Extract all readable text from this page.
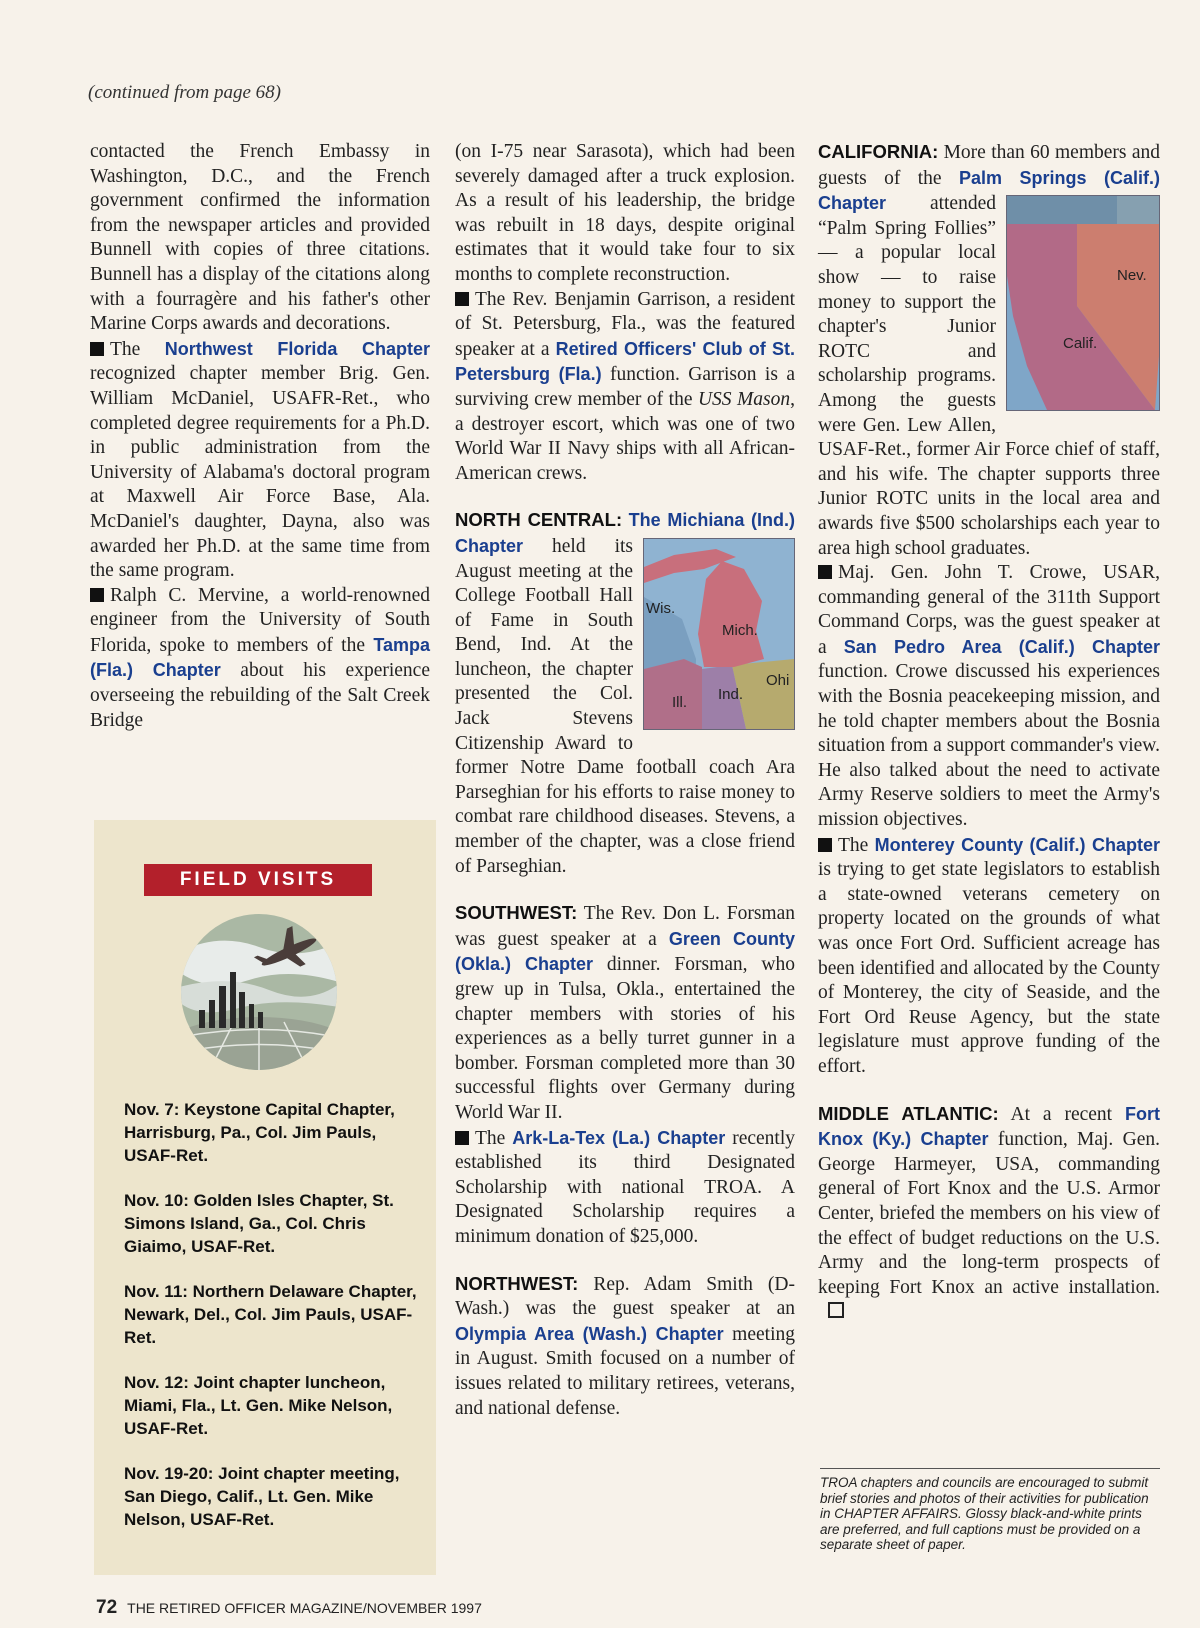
(continued from page 68)

contacted the French Embassy in Washington, D.C., and the French government confirmed the information from the newspaper articles and provided Bunnell with copies of three citations. Bunnell has a display of the citations along with a fourragère and his father's other Marine Corps awards and decorations.

The Northwest Florida Chapter recognized chapter member Brig. Gen. William McDaniel, USAFR-Ret., who completed degree requirements for a Ph.D. in public administration from the University of Alabama's doctoral program at Maxwell Air Force Base, Ala. McDaniel's daughter, Dayna, also was awarded her Ph.D. at the same time from the same program.

Ralph C. Mervine, a world-renowned engineer from the University of South Florida, spoke to members of the Tampa (Fla.) Chapter about his experience overseeing the rebuilding of the Salt Creek Bridge

FIELD VISITS
Nov. 7: Keystone Capital Chapter, Harrisburg, Pa., Col. Jim Pauls, USAF-Ret.
Nov. 10: Golden Isles Chapter, St. Simons Island, Ga., Col. Chris Giaimo, USAF-Ret.
Nov. 11: Northern Delaware Chapter, Newark, Del., Col. Jim Pauls, USAF-Ret.
Nov. 12: Joint chapter luncheon, Miami, Fla., Lt. Gen. Mike Nelson, USAF-Ret.
Nov. 19-20: Joint chapter meeting, San Diego, Calif., Lt. Gen. Mike Nelson, USAF-Ret.

(on I-75 near Sarasota), which had been severely damaged after a truck explosion. As a result of his leadership, the bridge was rebuilt in 18 days, despite original estimates that it would take four to six months to complete reconstruction.

The Rev. Benjamin Garrison, a resident of St. Petersburg, Fla., was the featured speaker at a Retired Officers' Club of St. Petersburg (Fla.) function. Garrison is a surviving crew member of the USS Mason, a destroyer escort, which was one of two World War II Navy ships with all African-American crews.

NORTH CENTRAL: The Michiana (Ind.) Chapter
Wis.
Mich.
Ill. Ind.
Ohi
held its August meeting at the College Football Hall of Fame in South Bend, Ind. At the luncheon, the chapter presented the Col. Jack Stevens Citizenship Award to former Notre Dame football coach Ara Parseghian for his efforts to raise money to combat rare childhood diseases. Stevens, a member of the chapter, was a close friend of Parseghian.

SOUTHWEST: The Rev. Don L. Forsman was guest speaker at a Green County (Okla.) Chapter dinner. Forsman, who grew up in Tulsa, Okla., entertained the chapter members with stories of his experiences as a belly turret gunner in a bomber. Forsman completed more than 30 successful flights over Germany during World War II.

The Ark-La-Tex (La.) Chapter recently established its third Designated Scholarship with national TROA. A Designated Scholarship requires a minimum donation of $25,000.

NORTHWEST: Rep. Adam Smith (D-Wash.) was the guest speaker at an Olympia Area (Wash.) Chapter meeting in August. Smith focused on a number of issues related to military retirees, veterans, and national defense.

CALIFORNIA: More than 60 members and guests of the Palm Springs (Calif.) Chapter
Nev.
Calif.
attended “Palm Spring Follies” — a popular local show — to raise money to support the chapter's Junior ROTC and scholarship programs. Among the guests were Gen. Lew Allen, USAF-Ret., former Air Force chief of staff, and his wife. The chapter supports three Junior ROTC units in the local area and awards five $500 scholarships each year to area high school graduates.

Maj. Gen. John T. Crowe, USAR, commanding general of the 311th Support Command Corps, was the guest speaker at a San Pedro Area (Calif.) Chapter function. Crowe discussed his experiences with the Bosnia peacekeeping mission, and he told chapter members about the Bosnia situation from a support commander's view. He also talked about the need to activate Army Reserve soldiers to meet the Army's mission objectives.

The Monterey County (Calif.) Chapter is trying to get state legislators to establish a state-owned veterans cemetery on property located on the grounds of what was once Fort Ord. Sufficient acreage has been identified and allocated by the County of Monterey, the city of Seaside, and the Fort Ord Reuse Agency, but the state legislature must approve funding of the effort.

MIDDLE ATLANTIC: At a recent Fort Knox (Ky.) Chapter function, Maj. Gen. George Harmeyer, USA, commanding general of Fort Knox and the U.S. Armor Center, briefed the members on his view of the effect of budget reductions on the U.S. Army and the long-term prospects of keeping Fort Knox an active installation.

TROA chapters and councils are encouraged to submit brief stories and photos of their activities for publication in CHAPTER AFFAIRS. Glossy black-and-white prints are preferred, and full captions must be provided on a separate sheet of paper.
72 THE RETIRED OFFICER MAGAZINE/NOVEMBER 1997
